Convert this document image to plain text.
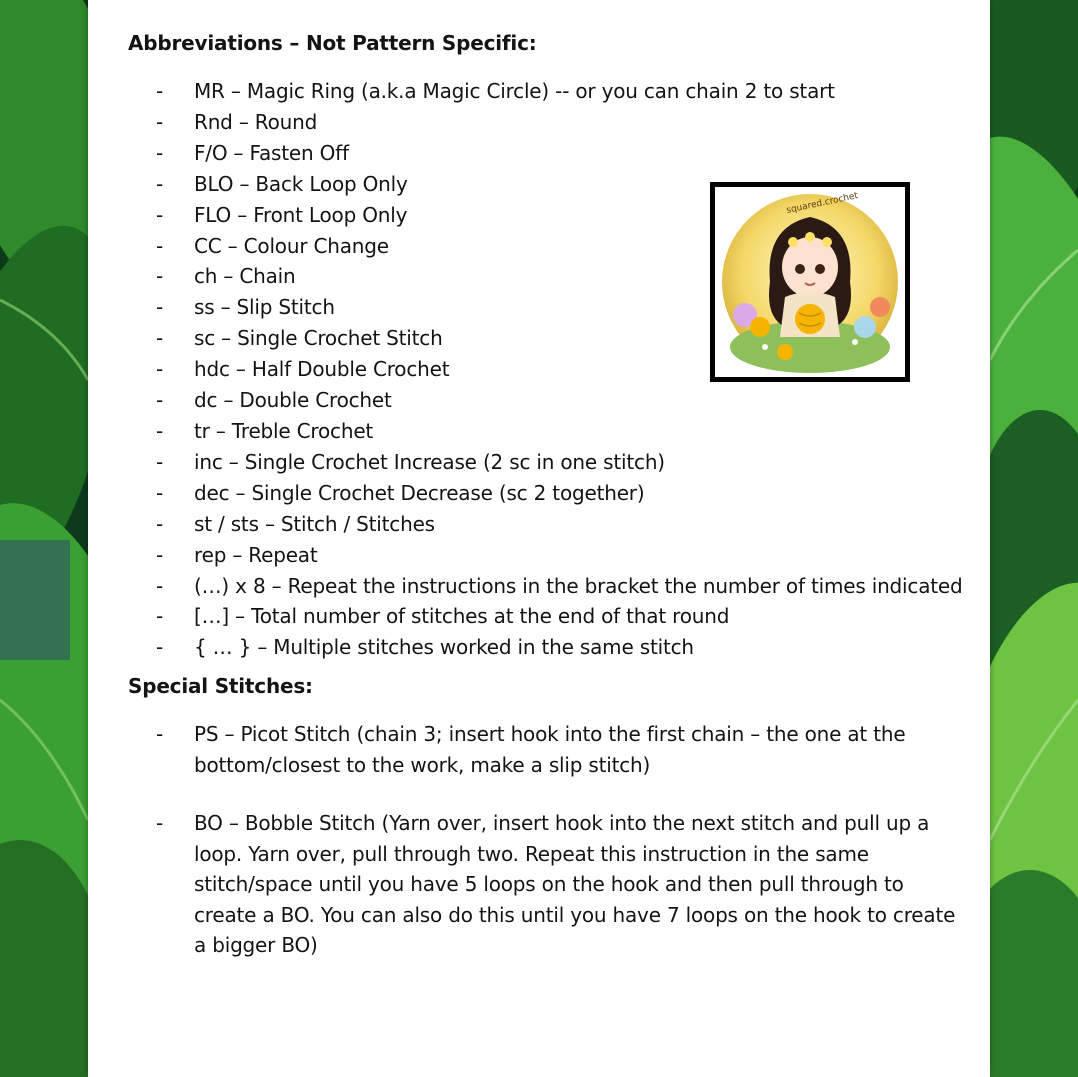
Abbreviations – Not Pattern Specific:
- MR – Magic Ring (a.k.a Magic Circle) -- or you can chain 2 to start
- Rnd – Round
- F/O – Fasten Off
- BLO – Back Loop Only
- FLO – Front Loop Only
- CC – Colour Change
- ch – Chain
- ss – Slip Stitch
- sc – Single Crochet Stitch
- hdc – Half Double Crochet
- dc – Double Crochet
- tr – Treble Crochet
- inc – Single Crochet Increase (2 sc in one stitch)
- dec – Single Crochet Decrease (sc 2 together)
- st / sts – Stitch / Stitches
- rep – Repeat
- (…) x 8 – Repeat the instructions in the bracket the number of times indicated
- […] – Total number of stitches at the end of that round
- { … } – Multiple stitches worked in the same stitch
Special Stitches:
- PS – Picot Stitch (chain 3; insert hook into the first chain – the one at the bottom/closest to the work, make a slip stitch)
- BO – Bobble Stitch (Yarn over, insert hook into the next stitch and pull up a loop. Yarn over, pull through two. Repeat this instruction in the same stitch/space until you have 5 loops on the hook and then pull through to create a BO. You can also do this until you have 7 loops on the hook to create a bigger BO)
squared.crochet
